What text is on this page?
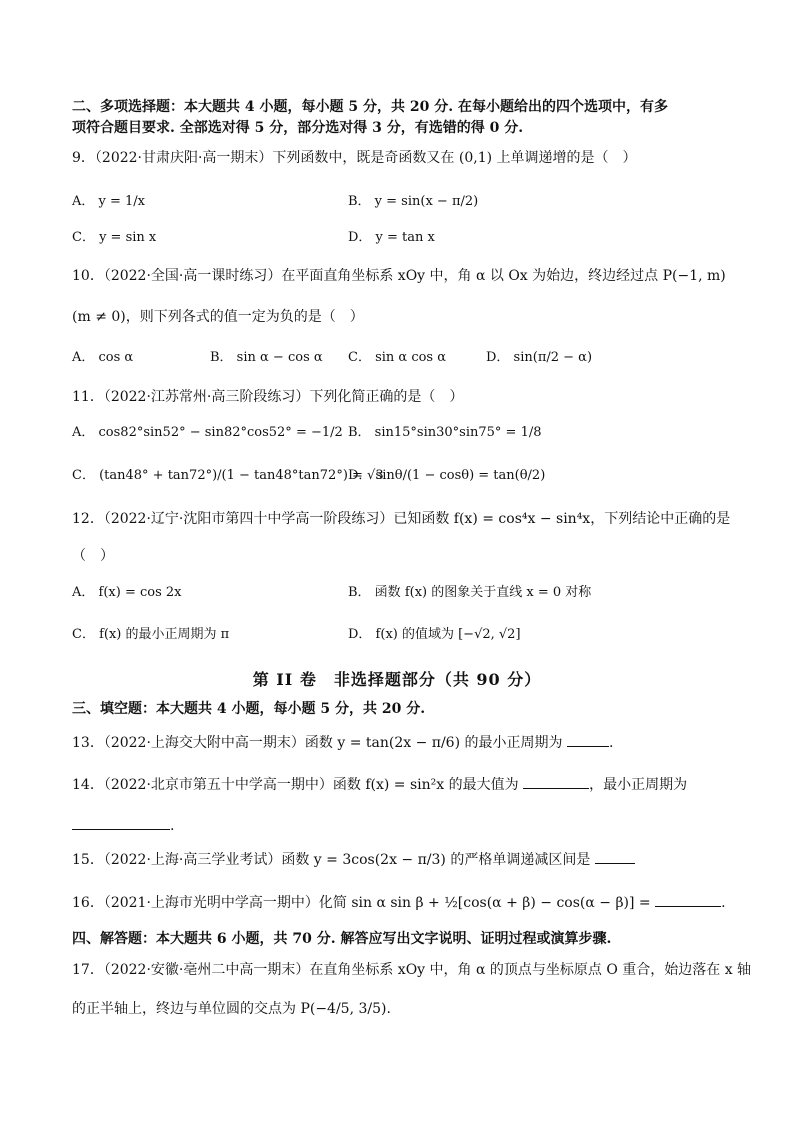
二、多项选择题：本大题共 4 小题，每小题 5 分，共 20 分. 在每小题给出的四个选项中，有多
项符合题目要求. 全部选对得 5 分，部分选对得 3 分，有选错的得 0 分.
9．（2022·甘肃庆阳·高一期末）下列函数中，既是奇函数又在 (0,1) 上单调递增的是（　）
A． y = 1/x	B． y = sin(x − π/2)
C． y = sin x	D． y = tan x
10．（2022·全国·高一课时练习）在平面直角坐标系 xOy 中，角 α 以 Ox 为始边，终边经过点 P(−1, m)
(m ≠ 0)，则下列各式的值一定为负的是（　）
A． cos α	B． sin α − cos α C． sin α cos α	D． sin(π/2 − α)
11．（2022·江苏常州·高三阶段练习）下列化简正确的是（　）
A． cos82°sin52° − sin82°cos52° = −1/2 B． sin15°sin30°sin75° = 1/8
C． (tan48° + tan72°)/(1 − tan48°tan72°) = √3
D． sinθ/(1 − cosθ) = tan(θ/2)
12．（2022·辽宁·沈阳市第四十中学高一阶段练习）已知函数 f(x) = cos⁴x − sin⁴x，下列结论中正确的是
（　）
A． f(x) = cos 2x	B． 函数 f(x) 的图象关于直线 x = 0 对称
C． f(x) 的最小正周期为 π	D． f(x) 的值域为 [−√2, √2]
第 II 卷　非选择题部分（共 90 分）
三、填空题：本大题共 4 小题，每小题 5 分，共 20 分.
13．（2022·上海交大附中高一期末）函数 y = tan(2x − π/6) 的最小正周期为	.
14．（2022·北京市第五十中学高一期中）函数 f(x) = sin²x 的最大值为	，最小正周期为
.
15．（2022·上海·高三学业考试）函数 y = 3cos(2x − π/3) 的严格单调递减区间是
16．（2021·上海市光明中学高一期中）化简 sin α sin β + ½[cos(α + β) − cos(α − β)] =	.
四、解答题：本大题共 6 小题，共 70 分. 解答应写出文字说明、证明过程或演算步骤.
17．（2022·安徽·亳州二中高一期末）在直角坐标系 xOy 中，角 α 的顶点与坐标原点 O 重合，始边落在 x 轴
的正半轴上，终边与单位圆的交点为 P(−4/5, 3/5).
